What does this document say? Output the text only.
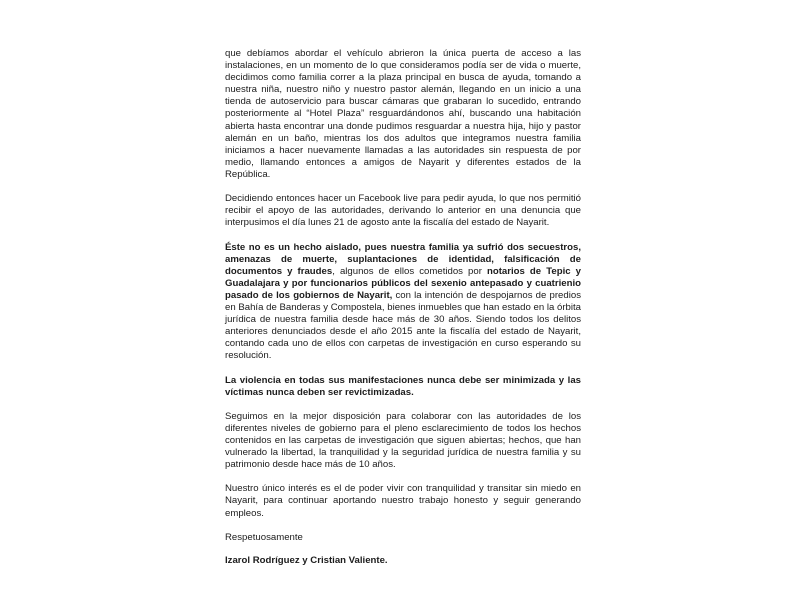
que debíamos abordar el vehículo abrieron la única puerta de acceso a las instalaciones, en un momento de lo que consideramos podía ser de vida o muerte, decidimos como familia correr a la plaza principal en busca de ayuda, tomando a nuestra niña, nuestro niño y nuestro pastor alemán, llegando en un inicio a una tienda de autoservicio para buscar cámaras que grabaran lo sucedido, entrando posteriormente al “Hotel Plaza” resguardándonos ahí, buscando una habitación abierta hasta encontrar una donde pudimos resguardar a nuestra hija, hijo y pastor alemán en un baño, mientras los dos adultos que integramos nuestra familia iniciamos a hacer nuevamente llamadas a las autoridades sin respuesta de por medio, llamando entonces a amigos de Nayarit y diferentes estados de la República.

Decidiendo entonces hacer un Facebook live para pedir ayuda, lo que nos permitió recibir el apoyo de las autoridades, derivando lo anterior en una denuncia que interpusimos el día lunes 21 de agosto ante la fiscalía del estado de Nayarit.

Éste no es un hecho aislado, pues nuestra familia ya sufrió dos secuestros, amenazas de muerte, suplantaciones de identidad, falsificación de documentos y fraudes, algunos de ellos cometidos por notarios de Tepic y Guadalajara y por funcionarios públicos del sexenio antepasado y cuatrienio pasado de los gobiernos de Nayarit, con la intención de despojarnos de predios en Bahía de Banderas y Compostela, bienes inmuebles que han estado en la órbita jurídica de nuestra familia desde hace más de 30 años. Siendo todos los delitos anteriores denunciados desde el año 2015 ante la fiscalía del estado de Nayarit, contando cada uno de ellos con carpetas de investigación en curso esperando su resolución.

La violencia en todas sus manifestaciones nunca debe ser minimizada y las víctimas nunca deben ser revictimizadas.

Seguimos en la mejor disposición para colaborar con las autoridades de los diferentes niveles de gobierno para el pleno esclarecimiento de todos los hechos contenidos en las carpetas de investigación que siguen abiertas; hechos, que han vulnerado la libertad, la tranquilidad y la seguridad jurídica de nuestra familia y su patrimonio desde hace más de 10 años.

Nuestro único interés es el de poder vivir con tranquilidad y transitar sin miedo en Nayarit, para continuar aportando nuestro trabajo honesto y seguir generando empleos.

Respetuosamente

Izarol Rodríguez y Cristian Valiente.
